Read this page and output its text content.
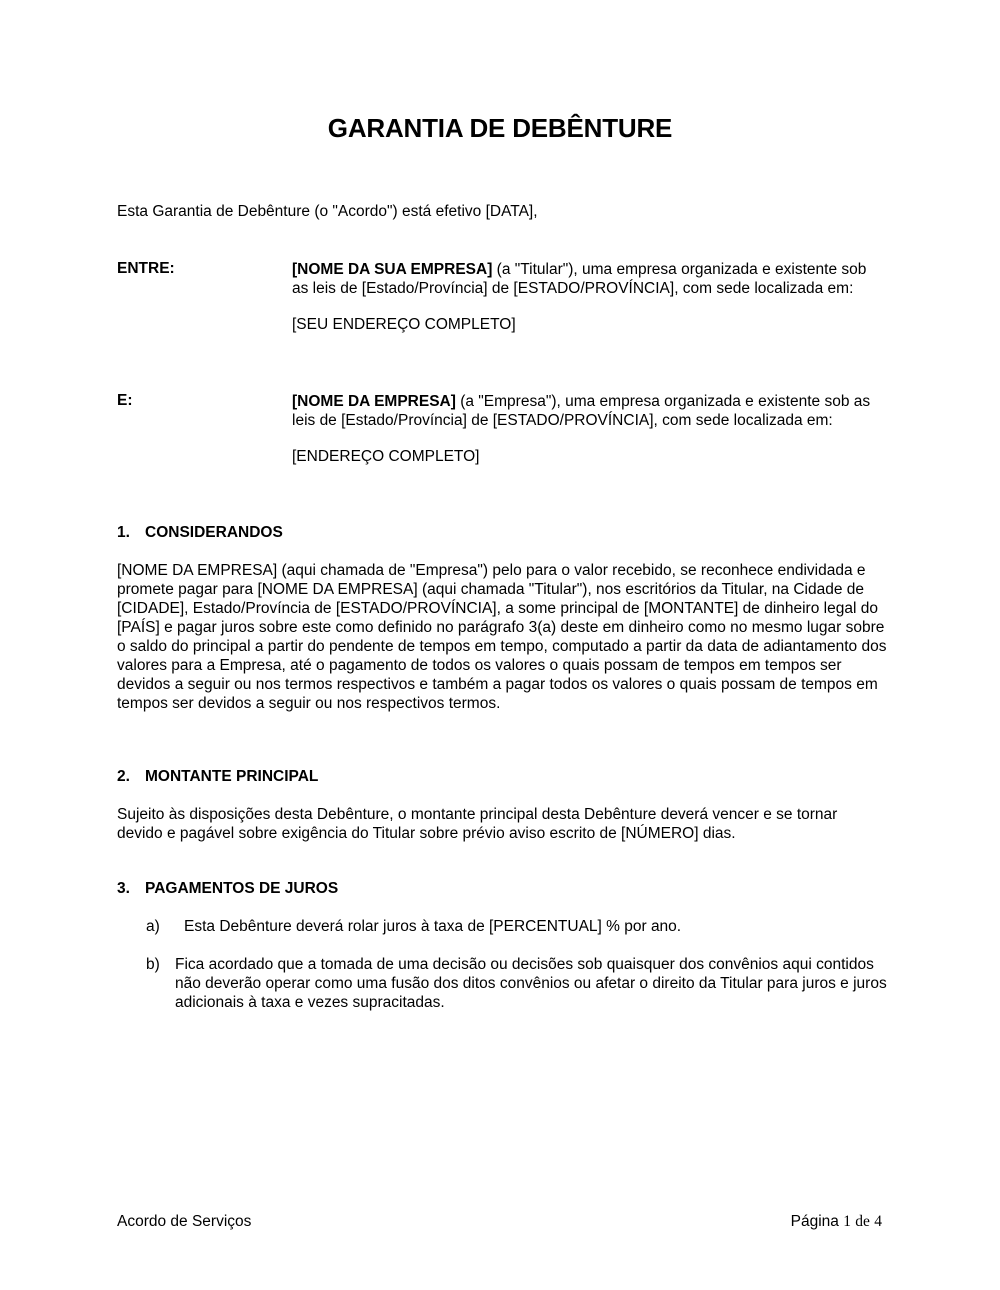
GARANTIA DE DEBÊNTURE
Esta Garantia de Debênture (o "Acordo") está efetivo [DATA],
ENTRE:	[NOME DA SUA EMPRESA] (a "Titular"), uma empresa organizada e existente sob as leis de [Estado/Província] de [ESTADO/PROVÍNCIA], com sede localizada em:
[SEU ENDEREÇO COMPLETO]
E:	[NOME DA EMPRESA] (a "Empresa"), uma empresa organizada e existente sob as leis de [Estado/Província] de [ESTADO/PROVÍNCIA], com sede localizada em:
[ENDEREÇO COMPLETO]
1. CONSIDERANDOS
[NOME DA EMPRESA] (aqui chamada de "Empresa") pelo para o valor recebido, se reconhece endividada e promete pagar para [NOME DA EMPRESA] (aqui chamada "Titular"), nos escritórios da Titular, na Cidade de [CIDADE], Estado/Província de [ESTADO/PROVÍNCIA], a some principal de [MONTANTE] de dinheiro legal do [PAÍS] e pagar juros sobre este como definido no parágrafo 3(a) deste em dinheiro como no mesmo lugar sobre o saldo do principal a partir do pendente de tempos em tempo, computado a partir da data de adiantamento dos valores para a Empresa, até o pagamento de todos os valores o quais possam de tempos em tempos ser devidos a seguir ou nos termos respectivos e também a pagar todos os valores o quais possam de tempos em tempos ser devidos a seguir ou nos respectivos termos.
2. MONTANTE PRINCIPAL
Sujeito às disposições desta Debênture, o montante principal desta Debênture deverá vencer e se tornar devido e pagável sobre exigência do Titular sobre prévio aviso escrito de [NÚMERO] dias.
3. PAGAMENTOS DE JUROS
a) Esta Debênture deverá rolar juros à taxa de [PERCENTUAL] % por ano.
b) Fica acordado que a tomada de uma decisão ou decisões sob quaisquer dos convênios aqui contidos não deverão operar como uma fusão dos ditos convênios ou afetar o direito da Titular para juros e juros adicionais à taxa e vezes supracitadas.
Acordo de Serviços	Página 1 de 4
